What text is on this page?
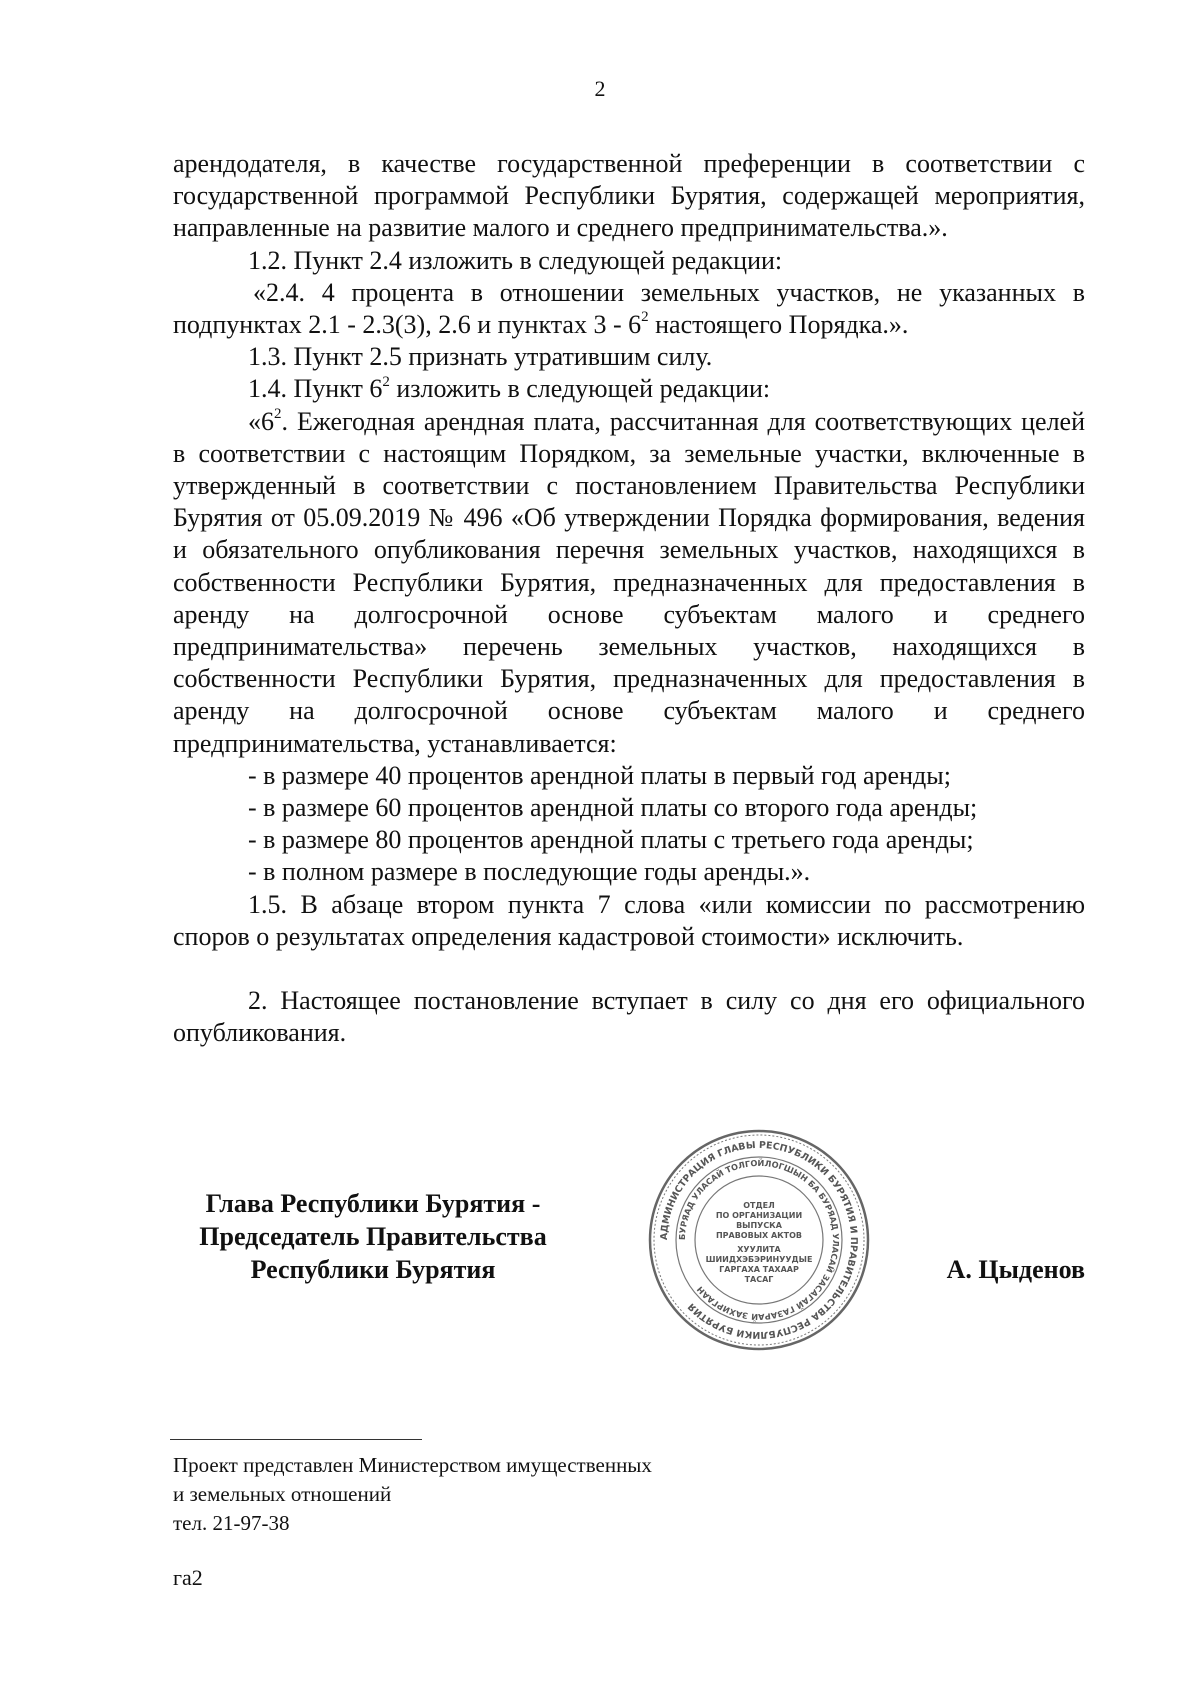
2

арендодателя, в качестве государственной преференции в соответствии с государственной программой Республики Бурятия, содержащей мероприятия, направленные на развитие малого и среднего предпринимательства.».

1.2. Пункт 2.4 изложить в следующей редакции:

«2.4. 4 процента в отношении земельных участков, не указанных в подпунктах 2.1 - 2.3(3), 2.6 и пунктах $3 - 6^2$ настоящего Порядка.».

1.3. Пункт 2.5 признать утратившим силу.

1.4. Пункт $6^2$ изложить в следующей редакции:

«$6^2$. Ежегодная арендная плата, рассчитанная для соответствующих целей в соответствии с настоящим Порядком, за земельные участки, включенные в утвержденный в соответствии с постановлением Правительства Республики Бурятия от 05.09.2019 № 496 «Об утверждении Порядка формирования, ведения и обязательного опубликования перечня земельных участков, находящихся в собственности Республики Бурятия, предназначенных для предоставления в аренду на долгосрочной основе субъектам малого и среднего предпринимательства» перечень земельных участков, находящихся в собственности Республики Бурятия, предназначенных для предоставления в аренду на долгосрочной основе субъектам малого и среднего предпринимательства, устанавливается:

- в размере 40 процентов арендной платы в первый год аренды;

- в размере 60 процентов арендной платы со второго года аренды;

- в размере 80 процентов арендной платы с третьего года аренды;

- в полном размере в последующие годы аренды.».

1.5. В абзаце втором пункта 7 слова «или комиссии по рассмотрению споров о результатах определения кадастровой стоимости» исключить.

2. Настоящее постановление вступает в силу со дня его официального опубликования.

Глава Республики Бурятия -
Председатель Правительства
Республики Бурятия
АДМИНИСТРАЦИЯ ГЛАВЫ РЕСПУБЛИКИ БУРЯТИЯ И ПРАВИТЕЛЬСТВА РЕСПУБЛИКИ БУРЯТИЯ
БУРЯАД УЛАСАЙ ТОЛГОЙЛОГШЫН БА БУРЯАД УЛАСАЙ ЗАСАГАЙ ГАЗАРАЙ ЗАХИРГААН
ОТДЕЛ
ПО ОРГАНИЗАЦИИ
ВЫПУСКА
ПРАВОВЫХ АКТОВ
ХУУЛИТА
ШИИДХЭБЭРИНУУДЫЕ
ГАРГАХА ТАХААР
ТАСАГ	А. Цыденов

Проект представлен Министерством имущественных

и земельных отношений

тел. 21-97-38

га2
